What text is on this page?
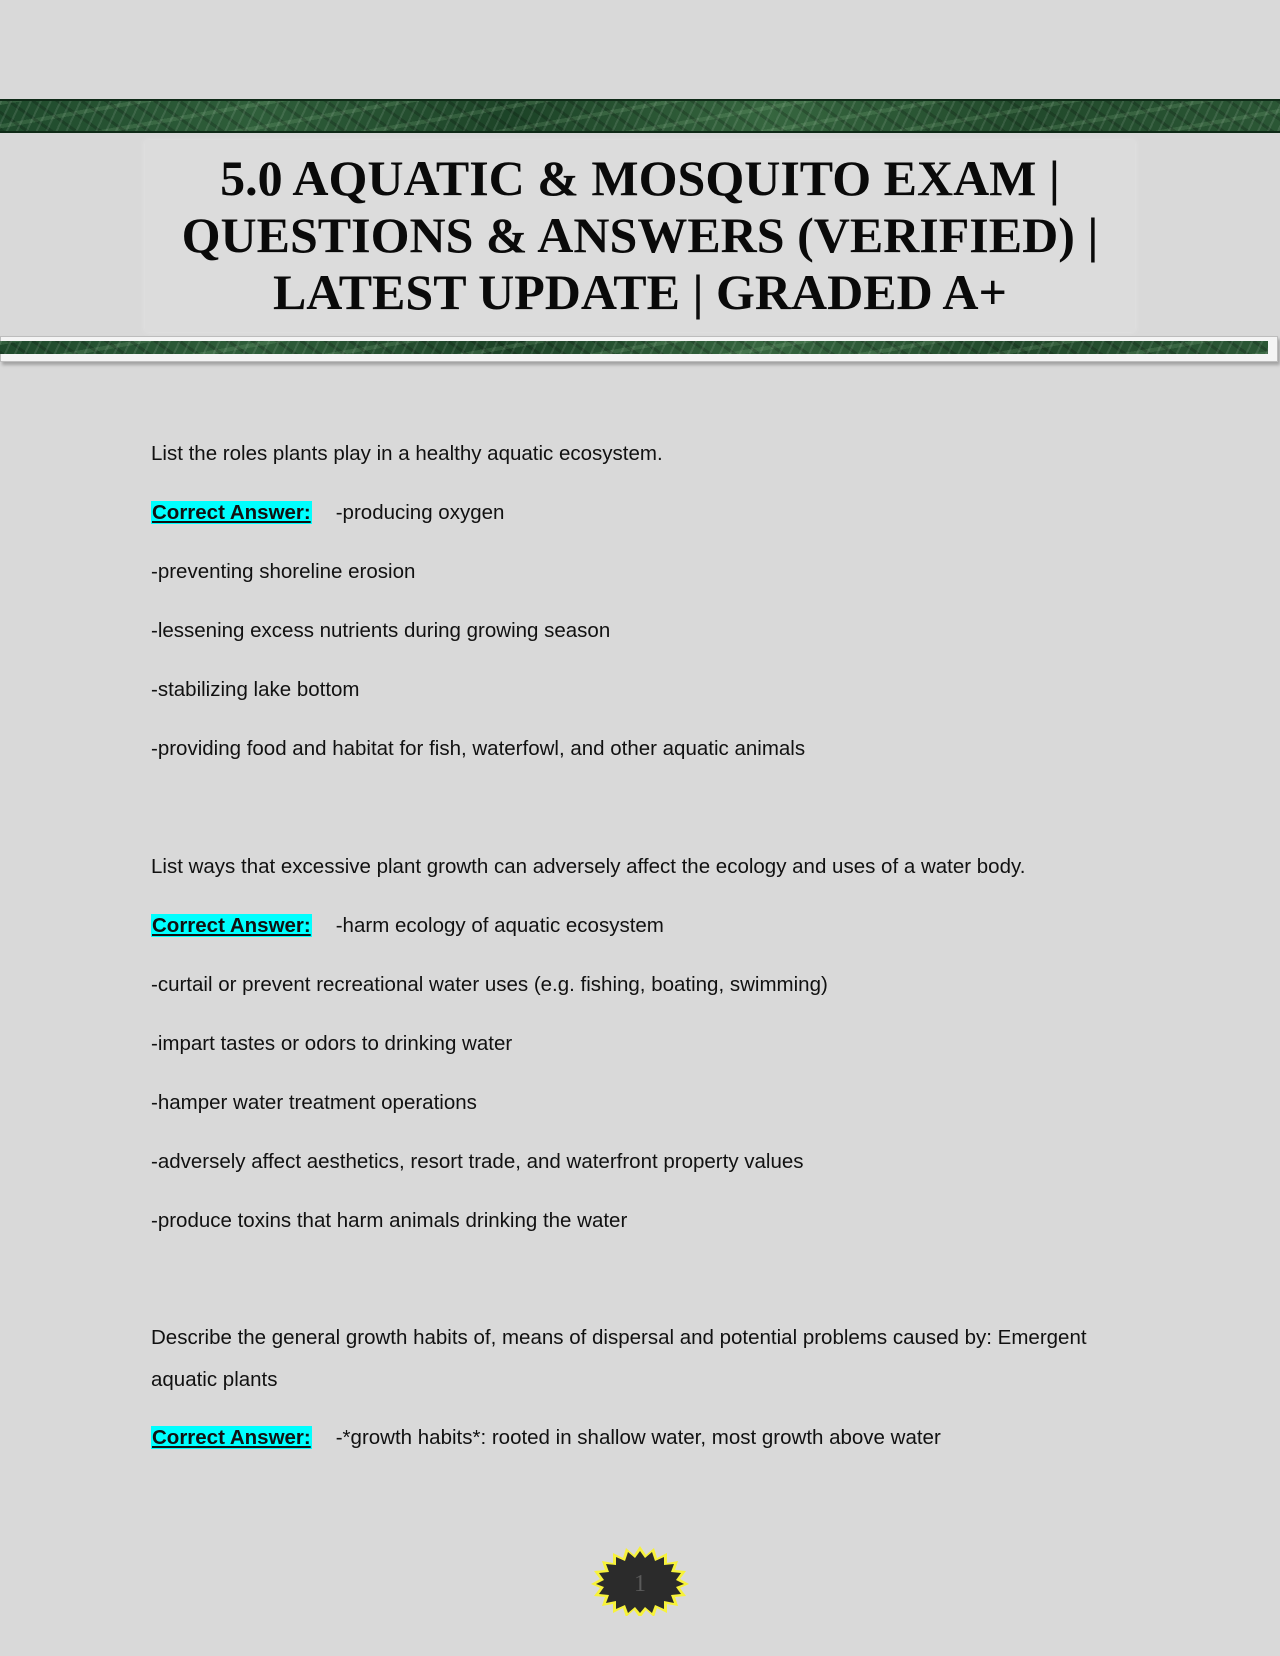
5.0 AQUATIC & MOSQUITO EXAM |
QUESTIONS & ANSWERS (VERIFIED) |
LATEST UPDATE | GRADED A+
List the roles plants play in a healthy aquatic ecosystem.
Correct Answer: -producing oxygen
-preventing shoreline erosion
-lessening excess nutrients during growing season
-stabilizing lake bottom
-providing food and habitat for fish, waterfowl, and other aquatic animals
List ways that excessive plant growth can adversely affect the ecology and uses of a water body.
Correct Answer: -harm ecology of aquatic ecosystem
-curtail or prevent recreational water uses (e.g. fishing, boating, swimming)
-impart tastes or odors to drinking water
-hamper water treatment operations
-adversely affect aesthetics, resort trade, and waterfront property values
-produce toxins that harm animals drinking the water
Describe the general growth habits of, means of dispersal and potential problems caused by: Emergent
aquatic plants
Correct Answer: -*growth habits*: rooted in shallow water, most growth above water
1
